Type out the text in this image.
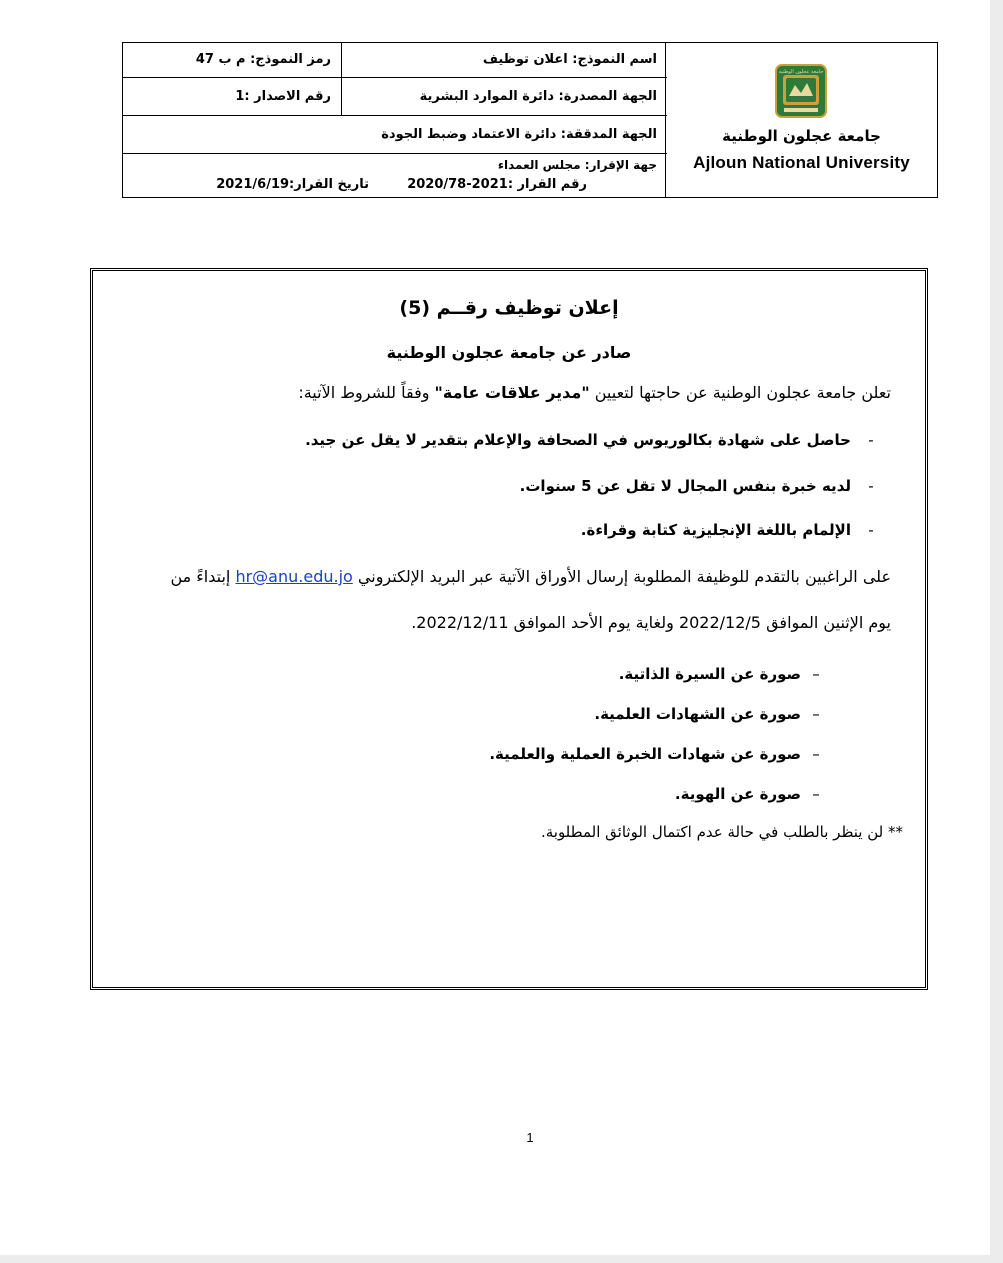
جامعة عجلون الوطنية
جامعة عجلون الوطنية
Ajloun National University
اسم النموذج: اعلان توظيف
رمز النموذج: م ب 47
الجهة المصدرة: دائرة الموارد البشرية
رقم الاصدار :1
الجهة المدققة: دائرة الاعتماد وضبط الجودة
جهة الإقرار: مجلس العمداء
رقم القرار :2021-2020/78
تاريخ القرار:2021/6/19
إعلان توظيف رقــم (5)
صادر عن جامعة عجلون الوطنية
تعلن جامعة عجلون الوطنية عن حاجتها لتعيين "مدير علاقات عامة" وفقاً للشروط الآتية:
-حاصل على شهادة بكالوريوس في الصحافة والإعلام بتقدير لا يقل عن جيد.
-لديه خبرة بنفس المجال لا تقل عن 5 سنوات.
-الإلمام باللغة الإنجليزية كتابة وقراءة.
على الراغبين بالتقدم للوظيفة المطلوبة إرسال الأوراق الآتية عبر البريد الإلكتروني hr@anu.edu.jo إبتداءً من
يوم الإثنين الموافق 2022/12/5 ولغاية يوم الأحد الموافق 2022/12/11.
–صورة عن السيرة الذاتية.
–صورة عن الشهادات العلمية.
–صورة عن شهادات الخبرة العملية والعلمية.
–صورة عن الهوية.
** لن ينظر بالطلب في حالة عدم اكتمال الوثائق المطلوبة.
1
